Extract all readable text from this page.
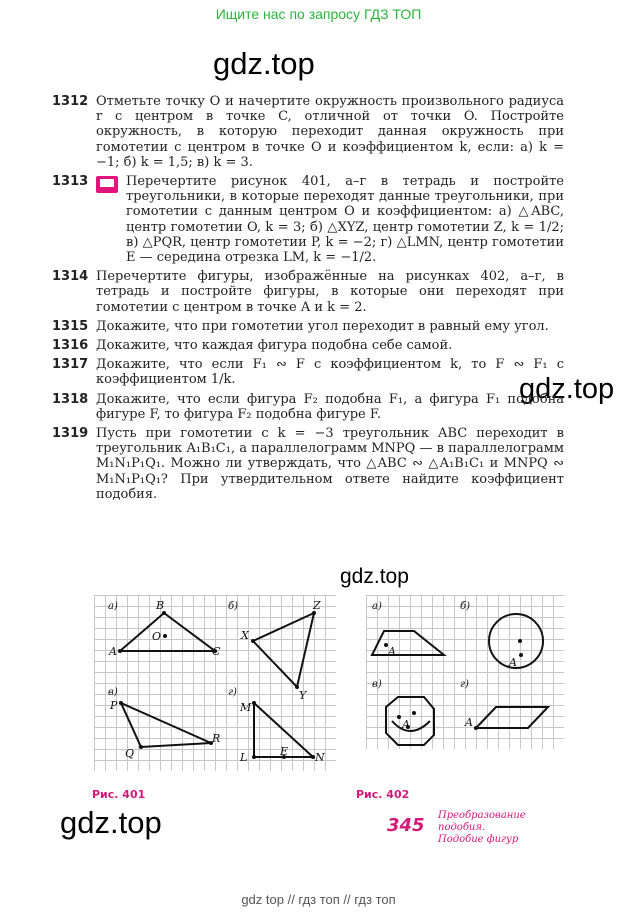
Ищите нас по запросу ГДЗ ТОП
gdz.top
gdz.top
gdz.top
gdz.top
1312 Отметьте точку O и начертите окружность произвольного радиуса r с центром в точке C, отличной от точки O. Постройте окружность, в которую переходит данная окружность при гомотетии с центром в точке O и коэффициентом k, если: а) k = −1; б) k = 1,5; в) k = 3.
1313	Перечертите рисунок 401, а–г в тетрадь и постройте треугольники, в которые переходят данные треугольники, при гомотетии с данным центром O и коэффициентом: а) △ABC, центр гомотетии O, k = 3; б) △XYZ, центр гомотетии Z, k = 1/2; в) △PQR, центр гомотетии P, k = −2; г) △LMN, центр гомотетии E — середина отрезка LM, k = −1/2.
1314 Перечертите фигуры, изображённые на рисунках 402, а–г, в тетрадь и постройте фигуры, в которые они переходят при гомотетии с центром в точке A и k = 2.
1315 Докажите, что при гомотетии угол переходит в равный ему угол.
1316 Докажите, что каждая фигура подобна себе самой.
1317 Докажите, что если F₁ ∾ F с коэффициентом k, то F ∾ F₁ с коэффициентом 1/k.
1318 Докажите, что если фигура F₂ подобна F₁, а фигура F₁ подобна фигуре F, то фигура F₂ подобна фигуре F.
1319 Пусть при гомотетии с k = −3 треугольник ABC переходит в треугольник A₁B₁C₁, а параллелограмм MNPQ — в параллелограмм M₁N₁P₁Q₁. Можно ли утверждать, что △ABC ∾ △A₁B₁C₁ и MNPQ ∾ M₁N₁P₁Q₁? При утвердительном ответе найдите коэффициент подобия.
а)	б)
в)	г)
A
B
C
O	X
Y
Z
P
Q
R
L
M
N
E
а)	б)
в)	г)
A
A
A	A
Рис. 401	Рис. 402
345 Преобразование
подобия.
Подобие фигур
gdz top // гдз топ // гдз топ
